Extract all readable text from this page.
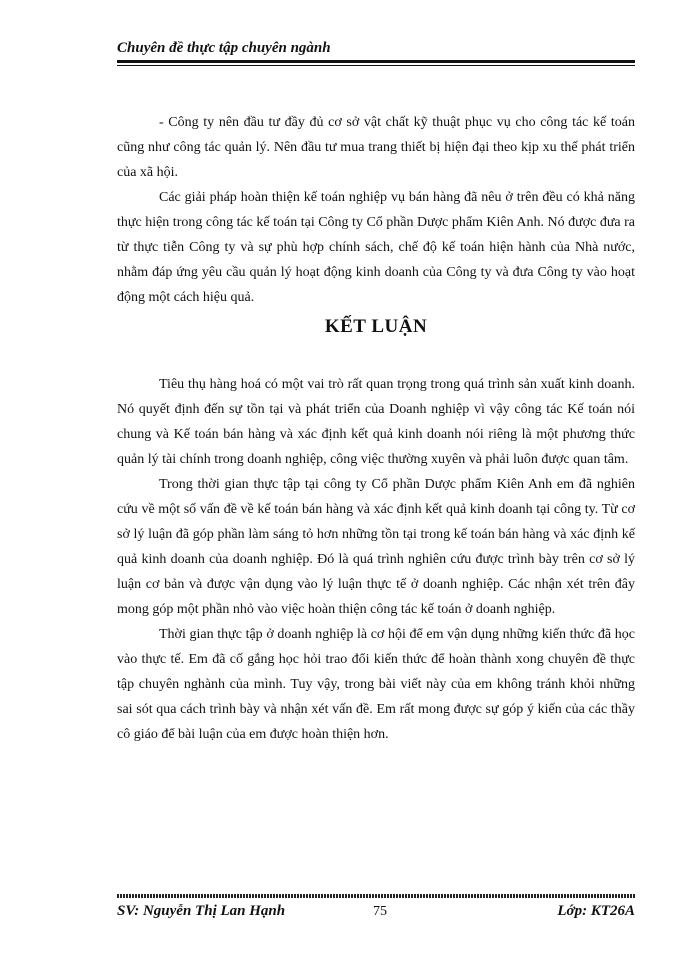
Chuyên đề thực tập chuyên ngành

- Công ty nên đầu tư đầy đủ cơ sở vật chất kỹ thuật phục vụ cho công tác kế toán cũng như công tác quản lý. Nên đầu tư mua trang thiết bị hiện đại theo kịp xu thế phát triển của xã hội.

Các giải pháp hoàn thiện kế toán nghiệp vụ bán hàng đã nêu ở trên đều có khả năng thực hiện trong công tác kế toán tại Công ty Cổ phần Dược phẩm Kiên Anh. Nó được đưa ra từ thực tiễn Công ty và sự phù hợp chính sách, chế độ kế toán hiện hành của Nhà nước, nhằm đáp ứng yêu cầu quản lý hoạt động kinh doanh của Công ty và đưa Công ty vào hoạt động một cách hiệu quả.

KẾT LUẬN

Tiêu thụ hàng hoá có một vai trò rất quan trọng trong quá trình sản xuất kinh doanh. Nó quyết định đến sự tồn tại và phát triển của Doanh nghiệp vì vậy công tác Kế toán nói chung và Kế toán bán hàng và xác định kết quả kinh doanh nói riêng là một phương thức quản lý tài chính trong doanh nghiệp, công việc thường xuyên và phải luôn được quan tâm.

Trong thời gian thực tập tại công ty Cổ phần Dược phẩm Kiên Anh em đã nghiên cứu về một số vấn đề về kế toán bán hàng và xác định kết quả kinh doanh tại công ty. Từ cơ sở lý luận đã góp phần làm sáng tỏ hơn những tồn tại trong kế toán bán hàng và xác định kế quả kinh doanh của doanh nghiệp. Đó là quá trình nghiên cứu được trình bày trên cơ sở lý luận cơ bản và được vận dụng vào lý luận thực tế ở doanh nghiệp. Các nhận xét trên đây mong góp một phần nhỏ vào việc hoàn thiện công tác kế toán ở doanh nghiệp.

Thời gian thực tập ở doanh nghiệp là cơ hội để em vận dụng những kiến thức đã học vào thực tế. Em đã cố gắng học hỏi trao đổi kiến thức để hoàn thành xong chuyên đề thực tập chuyên nghành của mình. Tuy vậy, trong bài viết này của em không tránh khỏi những sai sót qua cách trình bày và nhận xét vấn đề. Em rất mong được sự góp ý kiến của các thầy cô giáo để bài luận của em được hoàn thiện hơn.

SV: Nguyễn Thị Lan Hạnh	75	Lớp: KT26A
